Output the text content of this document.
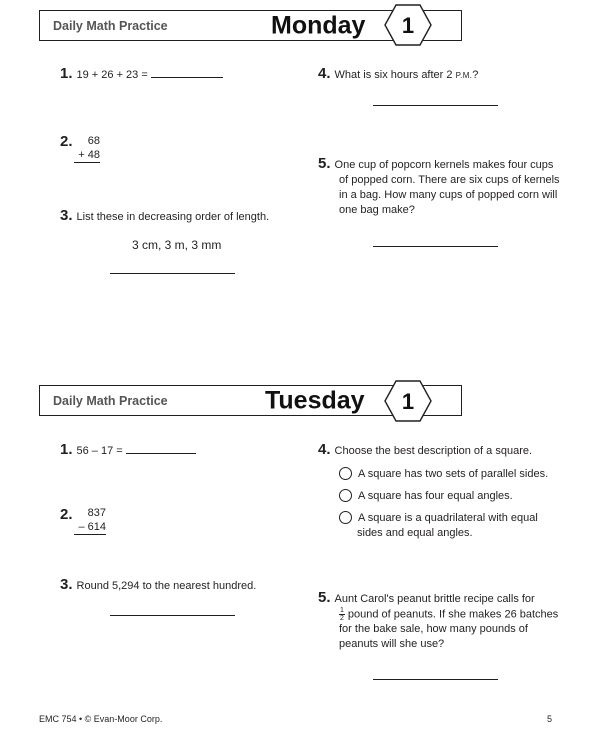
Daily Math Practice	Monday 1
1. 19 + 26 + 23 =
2.	68
+ 48
3. List these in decreasing order of length.
3 cm, 3 m, 3 mm
4. What is six hours after 2 P.M.?
5. One cup of popcorn kernels makes four cups
of popped corn. There are six cups of kernels
in a bag. How many cups of popped corn will
one bag make?
Daily Math Practice	Tuesday 1
1. 56 – 17 =
2.	837
– 614
3. Round 5,294 to the nearest hundred.
4. Choose the best description of a square.
A square has two sets of parallel sides.
A square has four equal angles.
A square is a quadrilateral with equal
sides and equal angles.
5. Aunt Carol's peanut brittle recipe calls for
$\frac{1}{2}$ pound of peanuts. If she makes 26 batches
for the bake sale, how many pounds of
peanuts will she use?
EMC 754 • © Evan-Moor Corp.	5
